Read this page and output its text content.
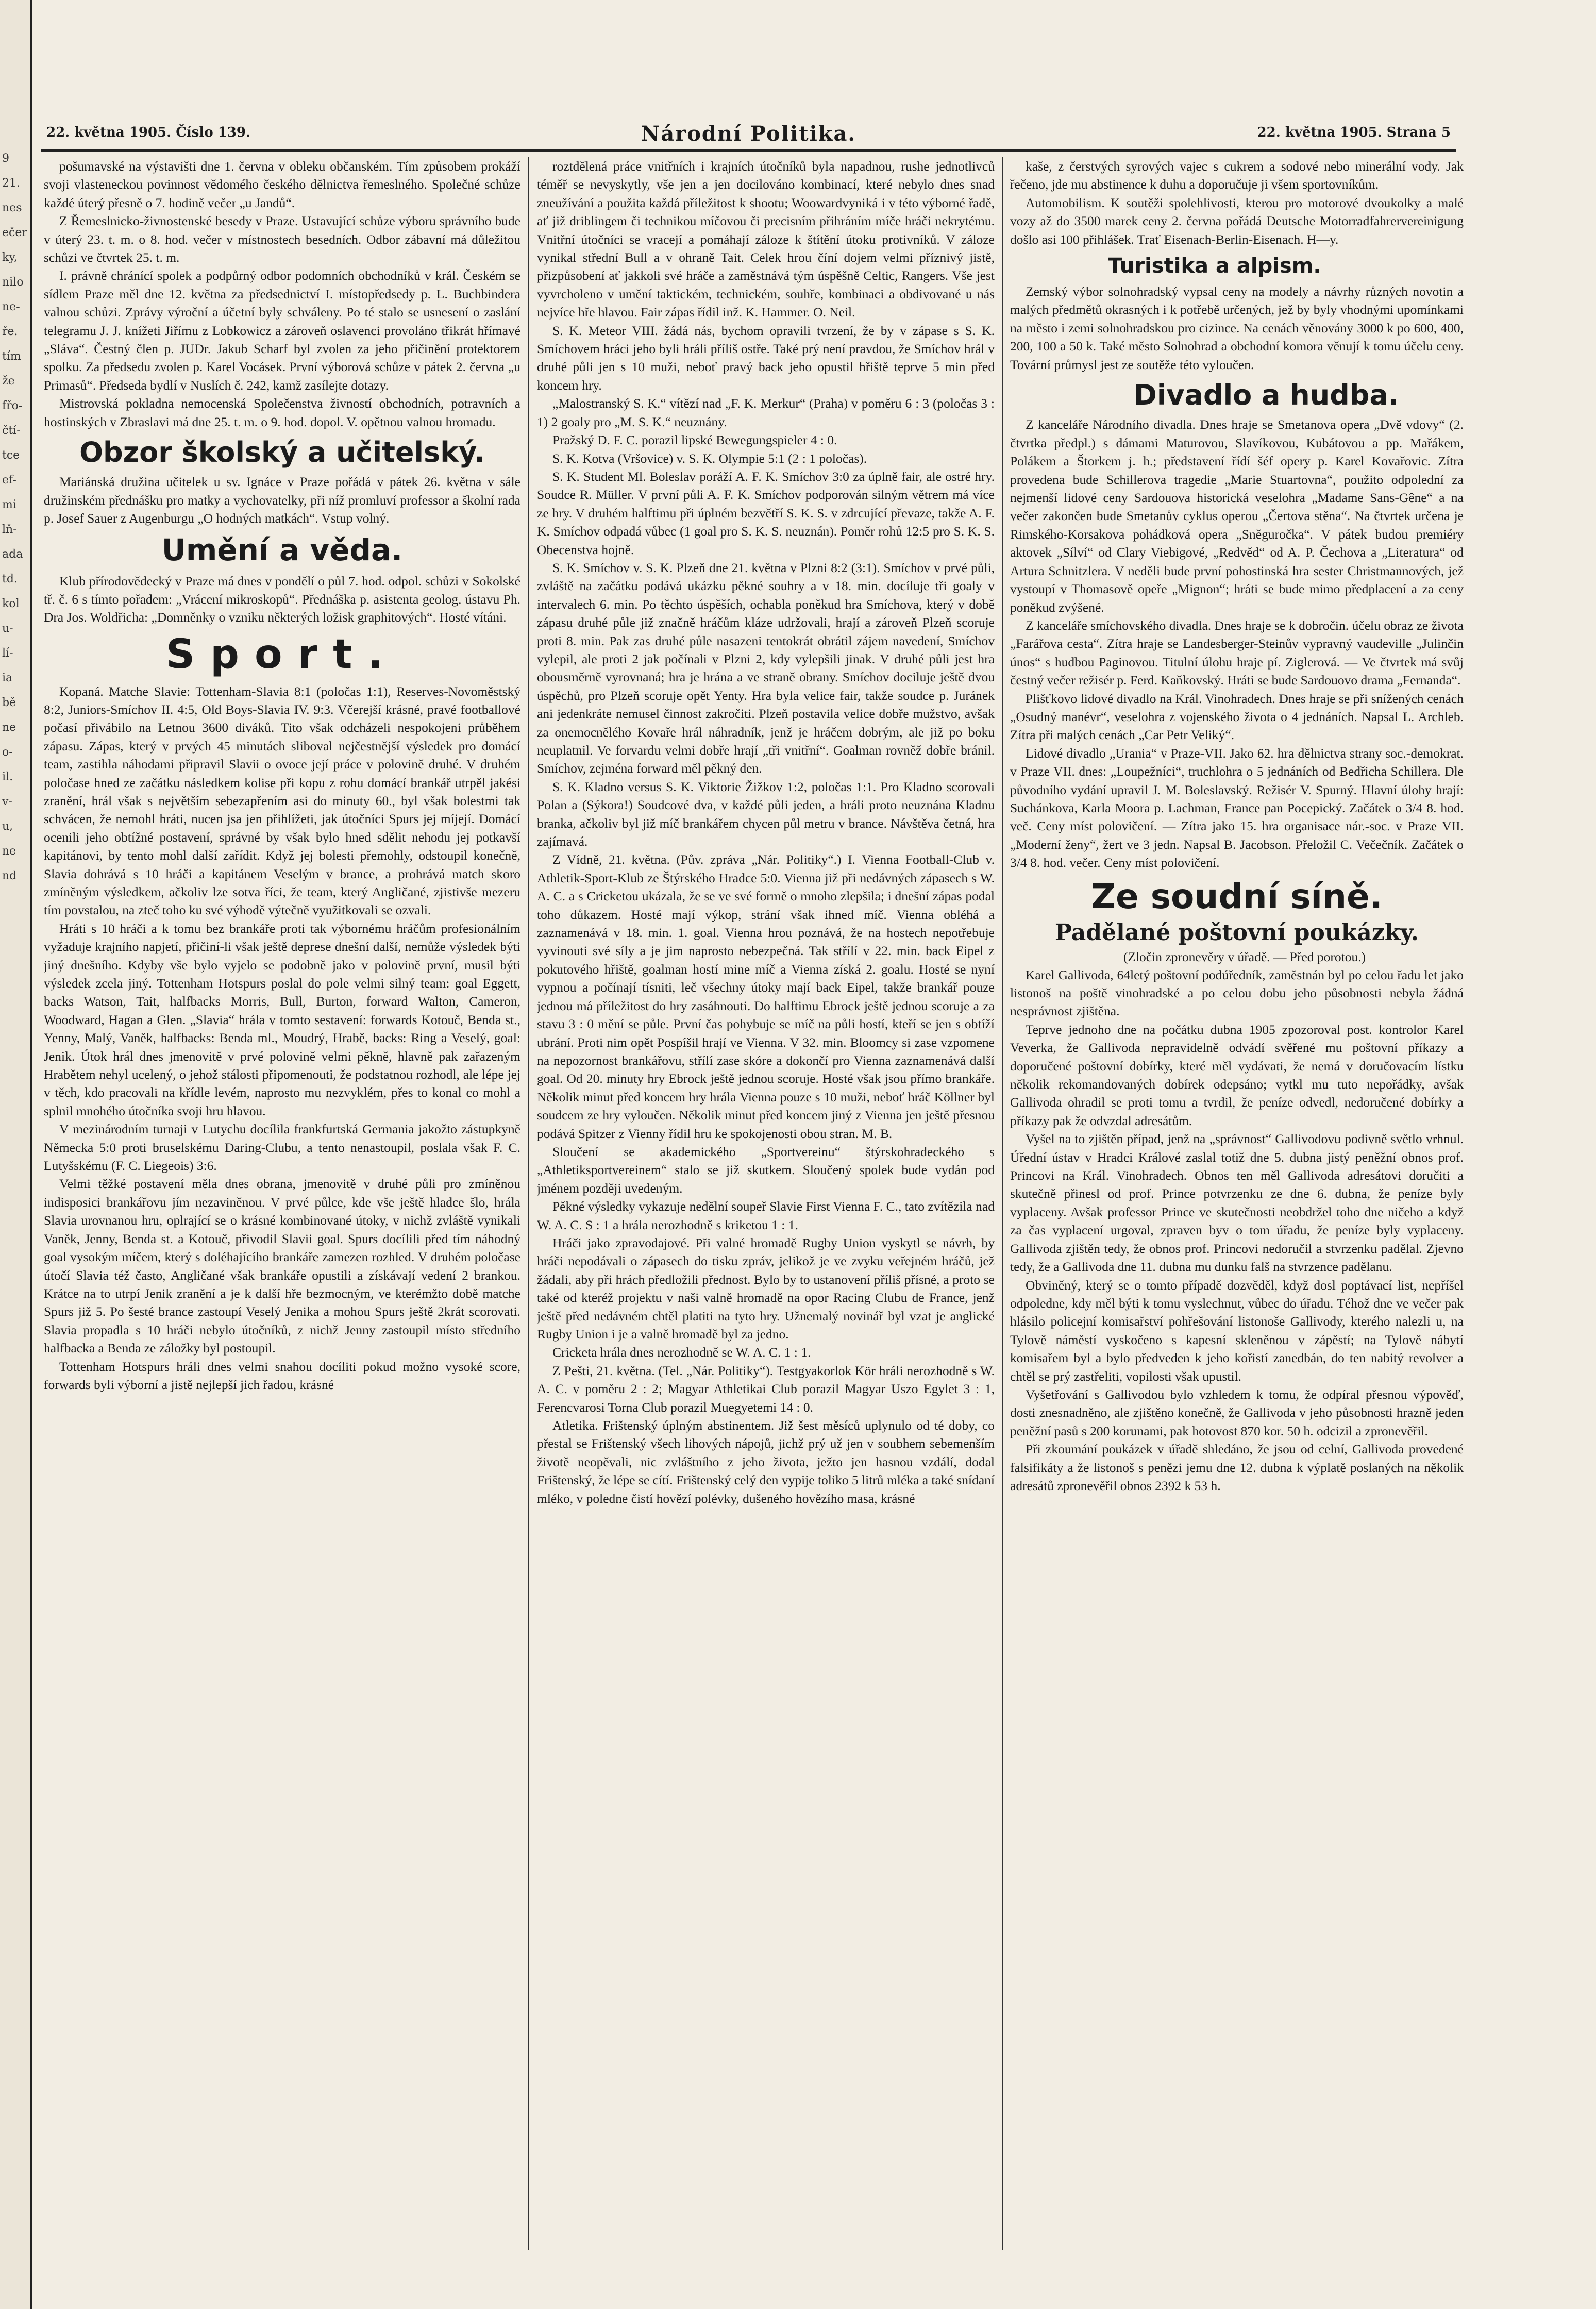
9
21.
nes
ečer
ky,
nilo
ne-
ře.
tím
že
fřo-
čtí-
tce
ef-
mi
lň-
ada
td.
kol
u-
lí-
ia
bě
ne
o-
il.
v-
u,
ne
nd
22. května 1905. Číslo 139.	Národní Politika.	22. května 1905. Strana 5

pošumavské na výstavišti dne 1. června v obleku občanském. Tím způsobem prokáží svoji vlasteneckou povinnost vědomého českého dělnictva řemeslného. Společné schůze každé úterý přesně o 7. hodině večer „u Jandů“.

Z Řemeslnicko-živnostenské besedy v Praze. Ustavující schůze výboru správního bude v úterý 23. t. m. o 8. hod. večer v místnostech besedních. Odbor zábavní má důležitou schůzi ve čtvrtek 25. t. m.

I. právně chránící spolek a podpůrný odbor podomních obchodníků v král. Českém se sídlem Praze měl dne 12. května za předsednictví I. místopředsedy p. L. Buchbindera valnou schůzi. Zprávy výroční a účetní byly schváleny. Po té stalo se usnesení o zaslání telegramu J. J. knížeti Jiřímu z Lobkowicz a zároveň oslavenci provoláno třikrát hřímavé „Sláva“. Čestný člen p. JUDr. Jakub Scharf byl zvolen za jeho přičinění protektorem spolku. Za předsedu zvolen p. Karel Vocásek. První výborová schůze v pátek 2. června „u Primasů“. Předseda bydlí v Nuslích č. 242, kamž zasílejte dotazy.

Mistrovská pokladna nemocenská Společenstva živností obchodních, potravních a hostinských v Zbraslavi má dne 25. t. m. o 9. hod. dopol. V. opětnou valnou hromadu.

Obzor školský a učitelský.

Mariánská družina učitelek u sv. Ignáce v Praze pořádá v pátek 26. května v sále družinském přednášku pro matky a vychovatelky, při níž promluví professor a školní rada p. Josef Sauer z Augenburgu „O hodných matkách“. Vstup volný.

Umění a věda.

Klub přírodovědecký v Praze má dnes v pondělí o půl 7. hod. odpol. schůzi v Sokolské tř. č. 6 s tímto pořadem: „Vrácení mikroskopů“. Přednáška p. asistenta geolog. ústavu Ph. Dra Jos. Woldřicha: „Domněnky o vzniku některých ložisk graphitových“. Hosté vítáni.

Sport.

Kopaná. Matche Slavie: Tottenham-Slavia 8:1 (poločas 1:1), Reserves-Novoměstský 8:2, Juniors-Smíchov II. 4:5, Old Boys-Slavia IV. 9:3. Včerejší krásné, pravé footballové počasí přivábilo na Letnou 3600 diváků. Tito však odcházeli nespokojeni průběhem zápasu. Zápas, který v prvých 45 minutách sliboval nejčestnější výsledek pro domácí team, zastihla náhodami připravil Slavii o ovoce její práce v polovině druhé. V druhém poločase hned ze začátku následkem kolise při kopu z rohu domácí brankář utrpěl jakési zranění, hrál však s největším sebezapřením asi do minuty 60., byl však bolestmi tak schvácen, že nemohl hráti, nucen jsa jen přihlížeti, jak útočníci Spurs jej míjejí. Domácí ocenili jeho obtížné postavení, správné by však bylo hned sdělit nehodu jej potkavší kapitánovi, by tento mohl další zařídit. Když jej bolesti přemohly, odstoupil konečně, Slavia dohrává s 10 hráči a kapitánem Veselým v brance, a prohrává match skoro zmíněným výsledkem, ačkoliv lze sotva říci, že team, který Angličané, zjistivše mezeru tím povstalou, na zteč toho ku své výhodě výtečně využitkovali se ozvali.

Hráti s 10 hráči a k tomu bez brankáře proti tak výbornému hráčům profesionálním vyžaduje krajního napjetí, přičiní-li však ještě deprese dnešní další, nemůže výsledek býti jiný dnešního. Kdyby vše bylo vyjelo se podobně jako v polovině první, musil býti výsledek zcela jiný. Tottenham Hotspurs poslal do pole velmi silný team: goal Eggett, backs Watson, Tait, halfbacks Morris, Bull, Burton, forward Walton, Cameron, Woodward, Hagan a Glen. „Slavia“ hrála v tomto sestavení: forwards Kotouč, Benda st., Yenny, Malý, Vaněk, halfbacks: Benda ml., Moudrý, Hrabě, backs: Ring a Veselý, goal: Jenik. Útok hrál dnes jmenovitě v prvé polovině velmi pěkně, hlavně pak zařazeným Hrabětem nehyl ucelený, o jehož stálosti připomenouti, že podstatnou rozhodl, ale lépe jej v těch, kdo pracovali na křídle levém, naprosto mu nezvyklém, přes to konal co mohl a splnil mnohého útočníka svoji hru hlavou.

V mezinárodním turnaji v Lutychu docílila frankfurtská Germania jakožto zástupkyně Německa 5:0 proti bruselskému Daring-Clubu, a tento nenastoupil, poslala však F. C. Lutyšskému (F. C. Liegeois) 3:6.

Velmi těžké postavení měla dnes obrana, jmenovitě v druhé půli pro zmíněnou indisposici brankářovu jím nezaviněnou. V prvé půlce, kde vše ještě hladce šlo, hrála Slavia urovnanou hru, oplrající se o krásné kombinované útoky, v nichž zvláště vynikali Vaněk, Jenny, Benda st. a Kotouč, přivodil Slavii goal. Spurs docílili před tím náhodný goal vysokým míčem, který s doléhajícího brankáře zamezen rozhled. V druhém poločase útočí Slavia též často, Angličané však brankáře opustili a získávají vedení 2 brankou. Krátce na to utrpí Jenik zranění a je k další hře bezmocným, ve kterémžto době matche Spurs již 5. Po šesté brance zastoupí Veselý Jenika a mohou Spurs ještě 2krát scorovati. Slavia propadla s 10 hráči nebylo útočníků, z nichž Jenny zastoupil místo středního halfbacka a Benda ze záložky byl postoupil.

Tottenham Hotspurs hráli dnes velmi snahou docíliti pokud možno vysoké score, forwards byli výborní a jistě nejlepší jich řadou, krásné

roztdělená práce vnitřních i krajních útočníků byla napadnou, rushe jednotlivců téměř se nevyskytly, vše jen a jen docilováno kombinací, které nebylo dnes snad zneužívání a použita každá příležitost k shootu; Woowardvyniká i v této výborné řadě, ať již driblingem či technikou míčovou či precisním přihráním míče hráči nekrytému. Vnitřní útočníci se vracejí a pomáhají záloze k štítění útoku protivníků. V záloze vynikal střední Bull a v ohraně Tait. Celek hrou číní dojem velmi příznivý jistě, přizpůsobení ať jakkoli své hráče a zaměstnává tým úspěšně Celtic, Rangers. Vše jest vyvrcholeno v umění taktickém, technickém, souhře, kombinaci a obdivované u nás nejvíce hře hlavou. Fair zápas řídil inž. K. Hammer. O. Neil.

S. K. Meteor VIII. žádá nás, bychom opravili tvrzení, že by v zápase s S. K. Smíchovem hráci jeho byli hráli příliš ostře. Také prý není pravdou, že Smíchov hrál v druhé půli jen s 10 muži, neboť pravý back jeho opustil hřiště teprve 5 min před koncem hry.

„Malostranský S. K.“ vítězí nad „F. K. Merkur“ (Praha) v poměru 6 : 3 (poločas 3 : 1) 2 goaly pro „M. S. K.“ neuznány.

Pražský D. F. C. porazil lipské Bewegungspieler 4 : 0.

S. K. Kotva (Vršovice) v. S. K. Olympie 5:1 (2 : 1 poločas).

S. K. Student Ml. Boleslav poráží A. F. K. Smíchov 3:0 za úplně fair, ale ostré hry. Soudce R. Müller. V první půli A. F. K. Smíchov podporován silným větrem má více ze hry. V druhém halftimu při úplném bezvětří S. K. S. v zdrcující převaze, takže A. F. K. Smíchov odpadá vůbec (1 goal pro S. K. S. neuznán). Poměr rohů 12:5 pro S. K. S. Obecenstva hojně.

S. K. Smíchov v. S. K. Plzeň dne 21. května v Plzni 8:2 (3:1). Smíchov v prvé půli, zvláště na začátku podává ukázku pěkné souhry a v 18. min. docíluje tři goaly v intervalech 6. min. Po těchto úspěších, ochabla poněkud hra Smíchova, který v době zápasu druhé půle již značně hráčům kláze udržovali, hrají a zároveň Plzeň scoruje proti 8. min. Pak zas druhé půle nasazeni tentokrát obrátil zájem navedení, Smíchov vylepil, ale proti 2 jak počínali v Plzni 2, kdy vylepšili jinak. V druhé půli jest hra obousměrně vyrovnaná; hra je hrána a ve straně obrany. Smíchov dociluje ještě dvou úspěchů, pro Plzeň scoruje opět Yenty. Hra byla velice fair, takže soudce p. Juránek ani jedenkráte nemusel činnost zakročiti. Plzeň postavila velice dobře mužstvo, avšak za onemocnělého Kovaře hrál náhradník, jenž je hráčem dobrým, ale již po boku neuplatnil. Ve forvardu velmi dobře hrají „tři vnitřní“. Goalman rovněž dobře bránil. Smíchov, zejména forward měl pěkný den.

S. K. Kladno versus S. K. Viktorie Žižkov 1:2, poločas 1:1. Pro Kladno scorovali Polan a (Sýkora!) Soudcové dva, v každé půli jeden, a hráli proto neuznána Kladnu branka, ačkoliv byl již míč brankářem chycen půl metru v brance. Návštěva četná, hra zajímavá.

Z Vídně, 21. května. (Pův. zpráva „Nár. Politiky“.) I. Vienna Football-Club v. Athletik-Sport-Klub ze Štýrského Hradce 5:0. Vienna již při nedávných zápasech s W. A. C. a s Cricketou ukázala, že se ve své formě o mnoho zlepšila; i dnešní zápas podal toho důkazem. Hosté mají výkop, strání však ihned míč. Vienna obléhá a zaznamenává v 18. min. 1. goal. Vienna hrou poznává, že na hostech nepotřebuje vyvinouti své síly a je jim naprosto nebezpečná. Tak střílí v 22. min. back Eipel z pokutového hřiště, goalman hostí mine míč a Vienna získá 2. goalu. Hosté se nyní vypnou a počínají tísniti, leč všechny útoky mají back Eipel, takže brankář pouze jednou má příležitost do hry zasáhnouti. Do halftimu Ebrock ještě jednou scoruje a za stavu 3 : 0 mění se půle. První čas pohybuje se míč na půli hostí, kteří se jen s obtíží ubrání. Proti nim opět Pospíšil hrají ve Vienna. V 32. min. Bloomcy si zase vzpomene na nepozornost brankářovu, střílí zase skóre a dokončí pro Vienna zaznamenává další goal. Od 20. minuty hry Ebrock ještě jednou scoruje. Hosté však jsou přímo brankáře. Několik minut před koncem hry hrála Vienna pouze s 10 muži, neboť hráč Köllner byl soudcem ze hry vyloučen. Několik minut před koncem jiný z Vienna jen ještě přesnou podává Spitzer z Vienny řídil hru ke spokojenosti obou stran. M. B.

Sloučení se akademického „Sportvereinu“ štýrskohradeckého s „Athletiksportvereinem“ stalo se již skutkem. Sloučený spolek bude vydán pod jménem později uvedeným.

Pěkné výsledky vykazuje nedělní soupeř Slavie First Vienna F. C., tato zvítězila nad W. A. C. S : 1 a hrála nerozhodně s kriketou 1 : 1.

Hráči jako zpravodajové. Při valné hromadě Rugby Union vyskytl se návrh, by hráči nepodávali o zápasech do tisku zpráv, jelikož je ve zvyku veřejném hráčů, jež žádali, aby při hrách předložili přednost. Bylo by to ustanovení příliš přísné, a proto se také od kteréž projektu v naši valně hromadě na opor Racing Clubu de France, jenž ještě před nedávném chtěl platiti na tyto hry. Užnemalý novinář byl vzat je anglické Rugby Union i je a valně hromadě byl za jedno.

Cricketa hrála dnes nerozhodně se W. A. C. 1 : 1.

Z Pešti, 21. května. (Tel. „Nár. Politiky“). Testgyakorlok Kör hráli nerozhodně s W. A. C. v poměru 2 : 2; Magyar Athletikai Club porazil Magyar Uszo Egylet 3 : 1, Ferencvarosi Torna Club porazil Muegyetemi 14 : 0.

Atletika. Frištenský úplným abstinentem. Již šest měsíců uplynulo od té doby, co přestal se Frištenský všech lihových nápojů, jichž prý už jen v soubhem sebemenším životě neopěvali, nic zvláštního z jeho života, ježto jen hasnou vzdálí, dodal Frištenský, že lépe se cítí. Frištenský celý den vypije toliko 5 litrů mléka a také snídaní mléko, v poledne čistí hovězí polévky, dušeného hovězího masa, krásné

kaše, z čerstvých syrových vajec s cukrem a sodové nebo minerální vody. Jak řečeno, jde mu abstinence k duhu a doporučuje ji všem sportovníkům.

Automobilism. K soutěži spolehlivosti, kterou pro motorové dvoukolky a malé vozy až do 3500 marek ceny 2. června pořádá Deutsche Motorradfahrervereinigung došlo asi 100 přihlášek. Trať Eisenach-Berlin-Eisenach. H—y.

Turistika a alpism.

Zemský výbor solnohradský vypsal ceny na modely a návrhy různých novotin a malých předmětů okrasných i k potřebě určených, jež by byly vhodnými upomínkami na město i zemi solnohradskou pro cizince. Na cenách věnovány 3000 k po 600, 400, 200, 100 a 50 k. Také město Solnohrad a obchodní komora věnují k tomu účelu ceny. Tovární průmysl jest ze soutěže této vyloučen.

Divadlo a hudba.

Z kanceláře Národního divadla. Dnes hraje se Smetanova opera „Dvě vdovy“ (2. čtvrtka předpl.) s dámami Maturovou, Slavíkovou, Kubátovou a pp. Mařákem, Polákem a Štorkem j. h.; představení řídí šéf opery p. Karel Kovařovic. Zítra provedena bude Schillerova tragedie „Marie Stuartovna“, použito odpolední za nejmenší lidové ceny Sardouova historická veselohra „Madame Sans-Gêne“ a na večer zakončen bude Smetanův cyklus operou „Čertova stěna“. Na čtvrtek určena je Rimského-Korsakova pohádková opera „Sněguročka“. V pátek budou premiéry aktovek „Sílví“ od Clary Viebigové, „Redvěd“ od A. P. Čechova a „Literatura“ od Artura Schnitzlera. V neděli bude první pohostinská hra sester Christmannových, jež vystoupí v Thomasově opeře „Mignon“; hráti se bude mimo předplacení a za ceny poněkud zvýšené.

Z kanceláře smíchovského divadla. Dnes hraje se k dobročin. účelu obraz ze života „Farářova cesta“. Zítra hraje se Landesberger-Steinův vypravný vaudeville „Julinčin únos“ s hudbou Paginovou. Titulní úlohu hraje pí. Ziglerová. — Ve čtvrtek má svůj čestný večer režisér p. Ferd. Kaňkovský. Hráti se bude Sardouovo drama „Fernanda“.

Plišťkovo lidové divadlo na Král. Vinohradech. Dnes hraje se při snížených cenách „Osudný manévr“, veselohra z vojenského života o 4 jednáních. Napsal L. Archleb. Zítra při malých cenách „Car Petr Veliký“.

Lidové divadlo „Urania“ v Praze-VII. Jako 62. hra dělnictva strany soc.-demokrat. v Praze VII. dnes: „Loupežníci“, truchlohra o 5 jednáních od Bedřicha Schillera. Dle původního vydání upravil J. M. Boleslavský. Režisér V. Spurný. Hlavní úlohy hrají: Suchánkova, Karla Moora p. Lachman, France pan Pocepický. Začátek o 3/4 8. hod. več. Ceny míst polovičení. — Zítra jako 15. hra organisace nár.-soc. v Praze VII. „Moderní ženy“, žert ve 3 jedn. Napsal B. Jacobson. Přeložil C. Večečník. Začátek o 3/4 8. hod. večer. Ceny míst polovičení.

Ze soudní síně.
Padělané poštovní poukázky.

(Zločin zpronevěry v úřadě. — Před porotou.)

Karel Gallivoda, 64letý poštovní podúředník, zaměstnán byl po celou řadu let jako listonoš na poště vinohradské a po celou dobu jeho působnosti nebyla žádná nesprávnost zjištěna.

Teprve jednoho dne na počátku dubna 1905 zpozoroval post. kontrolor Karel Veverka, že Gallivoda nepravidelně odvádí svěřené mu poštovní příkazy a doporučené poštovní dobírky, které měl vydávati, že nemá v doručovacím lístku několik rekomandovaných dobírek odepsáno; vytkl mu tuto nepořádky, avšak Gallivoda ohradil se proti tomu a tvrdil, že peníze odvedl, nedoručené dobírky a příkazy pak že odvzdal adresátům.

Vyšel na to zjištěn případ, jenž na „správnost“ Gallivodovu podivně světlo vrhnul. Úřední ústav v Hradci Králové zaslal totiž dne 5. dubna jistý peněžní obnos prof. Princovi na Král. Vinohradech. Obnos ten měl Gallivoda adresátovi doručiti a skutečně přinesl od prof. Prince potvrzenku ze dne 6. dubna, že peníze byly vyplaceny. Avšak professor Prince ve skutečnosti neobdržel toho dne ničeho a když za čas vyplacení urgoval, zpraven byv o tom úřadu, že peníze byly vyplaceny. Gallivoda zjištěn tedy, že obnos prof. Princovi nedoručil a stvrzenku padělal. Zjevno tedy, že a Gallivoda dne 11. dubna mu dunku falš na stvrzence padělanu.

Obviněný, který se o tomto případě dozvěděl, když dosl poptávací list, nepříšel odpoledne, kdy měl býti k tomu vyslechnut, vůbec do úřadu. Téhož dne ve večer pak hlásilo policejní komisařství pohřešování listonoše Gallivody, kterého nalezli u, na Tylově náměstí vyskočeno s kapesní skleněnou v zápěstí; na Tylově nábytí komisařem byl a bylo předveden k jeho kořistí zanedbán, do ten nabitý revolver a chtěl se prý zastřeliti, vopilosti však upustil.

Vyšetřování s Gallivodou bylo vzhledem k tomu, že odpíral přesnou výpověď, dosti znesnadněno, ale zjištěno konečně, že Gallivoda v jeho působnosti hrazně jeden peněžní pasů s 200 korunami, pak hotovost 870 kor. 50 h. odcizil a zpronevěřil.

Při zkoumání poukázek v úřadě shledáno, že jsou od celní, Gallivoda provedené falsifikáty a že listonoš s penězi jemu dne 12. dubna k výplatě poslaných na několik adresátů zpronevěřil obnos 2392 k 53 h.
